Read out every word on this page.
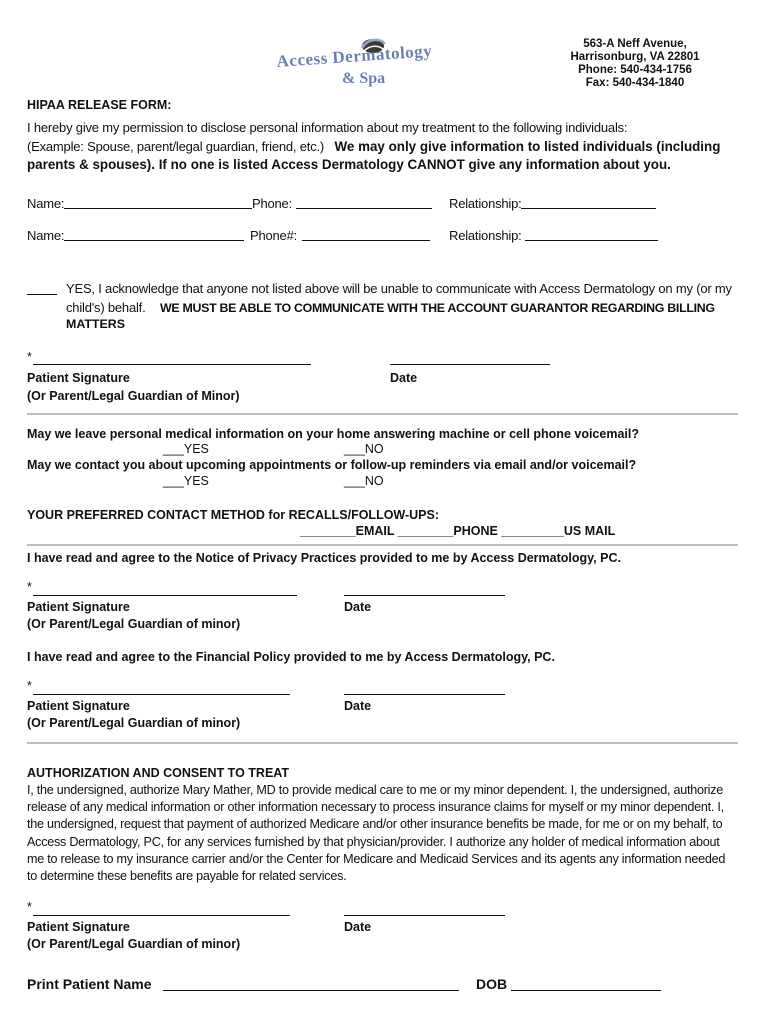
Access Dermatology
& Spa
563-A Neff Avenue,
Harrisonburg, VA 22801
Phone: 540-434-1756
Fax: 540-434-1840
HIPAA RELEASE FORM:
I hereby give my permission to disclose personal information about my treatment to the following individuals:
(Example: Spouse, parent/legal guardian, friend, etc.) We may only give information to listed individuals (including
parents & spouses). If no one is listed Access Dermatology CANNOT give any information about you.
Name:	Phone:	Relationship:
Name:	Phone#:	Relationship:
YES, I acknowledge that anyone not listed above will be unable to communicate with Access Dermatology on my (or my
child's) behalf. WE MUST BE ABLE TO COMMUNICATE WITH THE ACCOUNT GUARANTOR REGARDING BILLING
MATTERS
*
Patient Signature	Date
(Or Parent/Legal Guardian of Minor)
May we leave personal medical information on your home answering machine or cell phone voicemail?
___YES	___NO
May we contact you about upcoming appointments or follow-up reminders via email and/or voicemail?
___YES	___NO
YOUR PREFERRED CONTACT METHOD for RECALLS/FOLLOW-UPS:
________EMAIL ________PHONE _________US MAIL
I have read and agree to the Notice of Privacy Practices provided to me by Access Dermatology, PC.
*
Patient Signature	Date
(Or Parent/Legal Guardian of minor)
I have read and agree to the Financial Policy provided to me by Access Dermatology, PC.
*
Patient Signature	Date
(Or Parent/Legal Guardian of minor)
AUTHORIZATION AND CONSENT TO TREAT

I, the undersigned, authorize Mary Mather, MD to provide medical care to me or my minor dependent. I, the undersigned, authorize

release of any medical information or other information necessary to process insurance claims for myself or my minor dependent. I,

the undersigned, request that payment of authorized Medicare and/or other insurance benefits be made, for me or on my behalf, to

Access Dermatology, PC, for any services furnished by that physician/provider. I authorize any holder of medical information about

me to release to my insurance carrier and/or the Center for Medicare and Medicaid Services and its agents any information needed

to determine these benefits are payable for related services.

*
Patient Signature	Date
(Or Parent/Legal Guardian of minor)
Print Patient Name	DOB
